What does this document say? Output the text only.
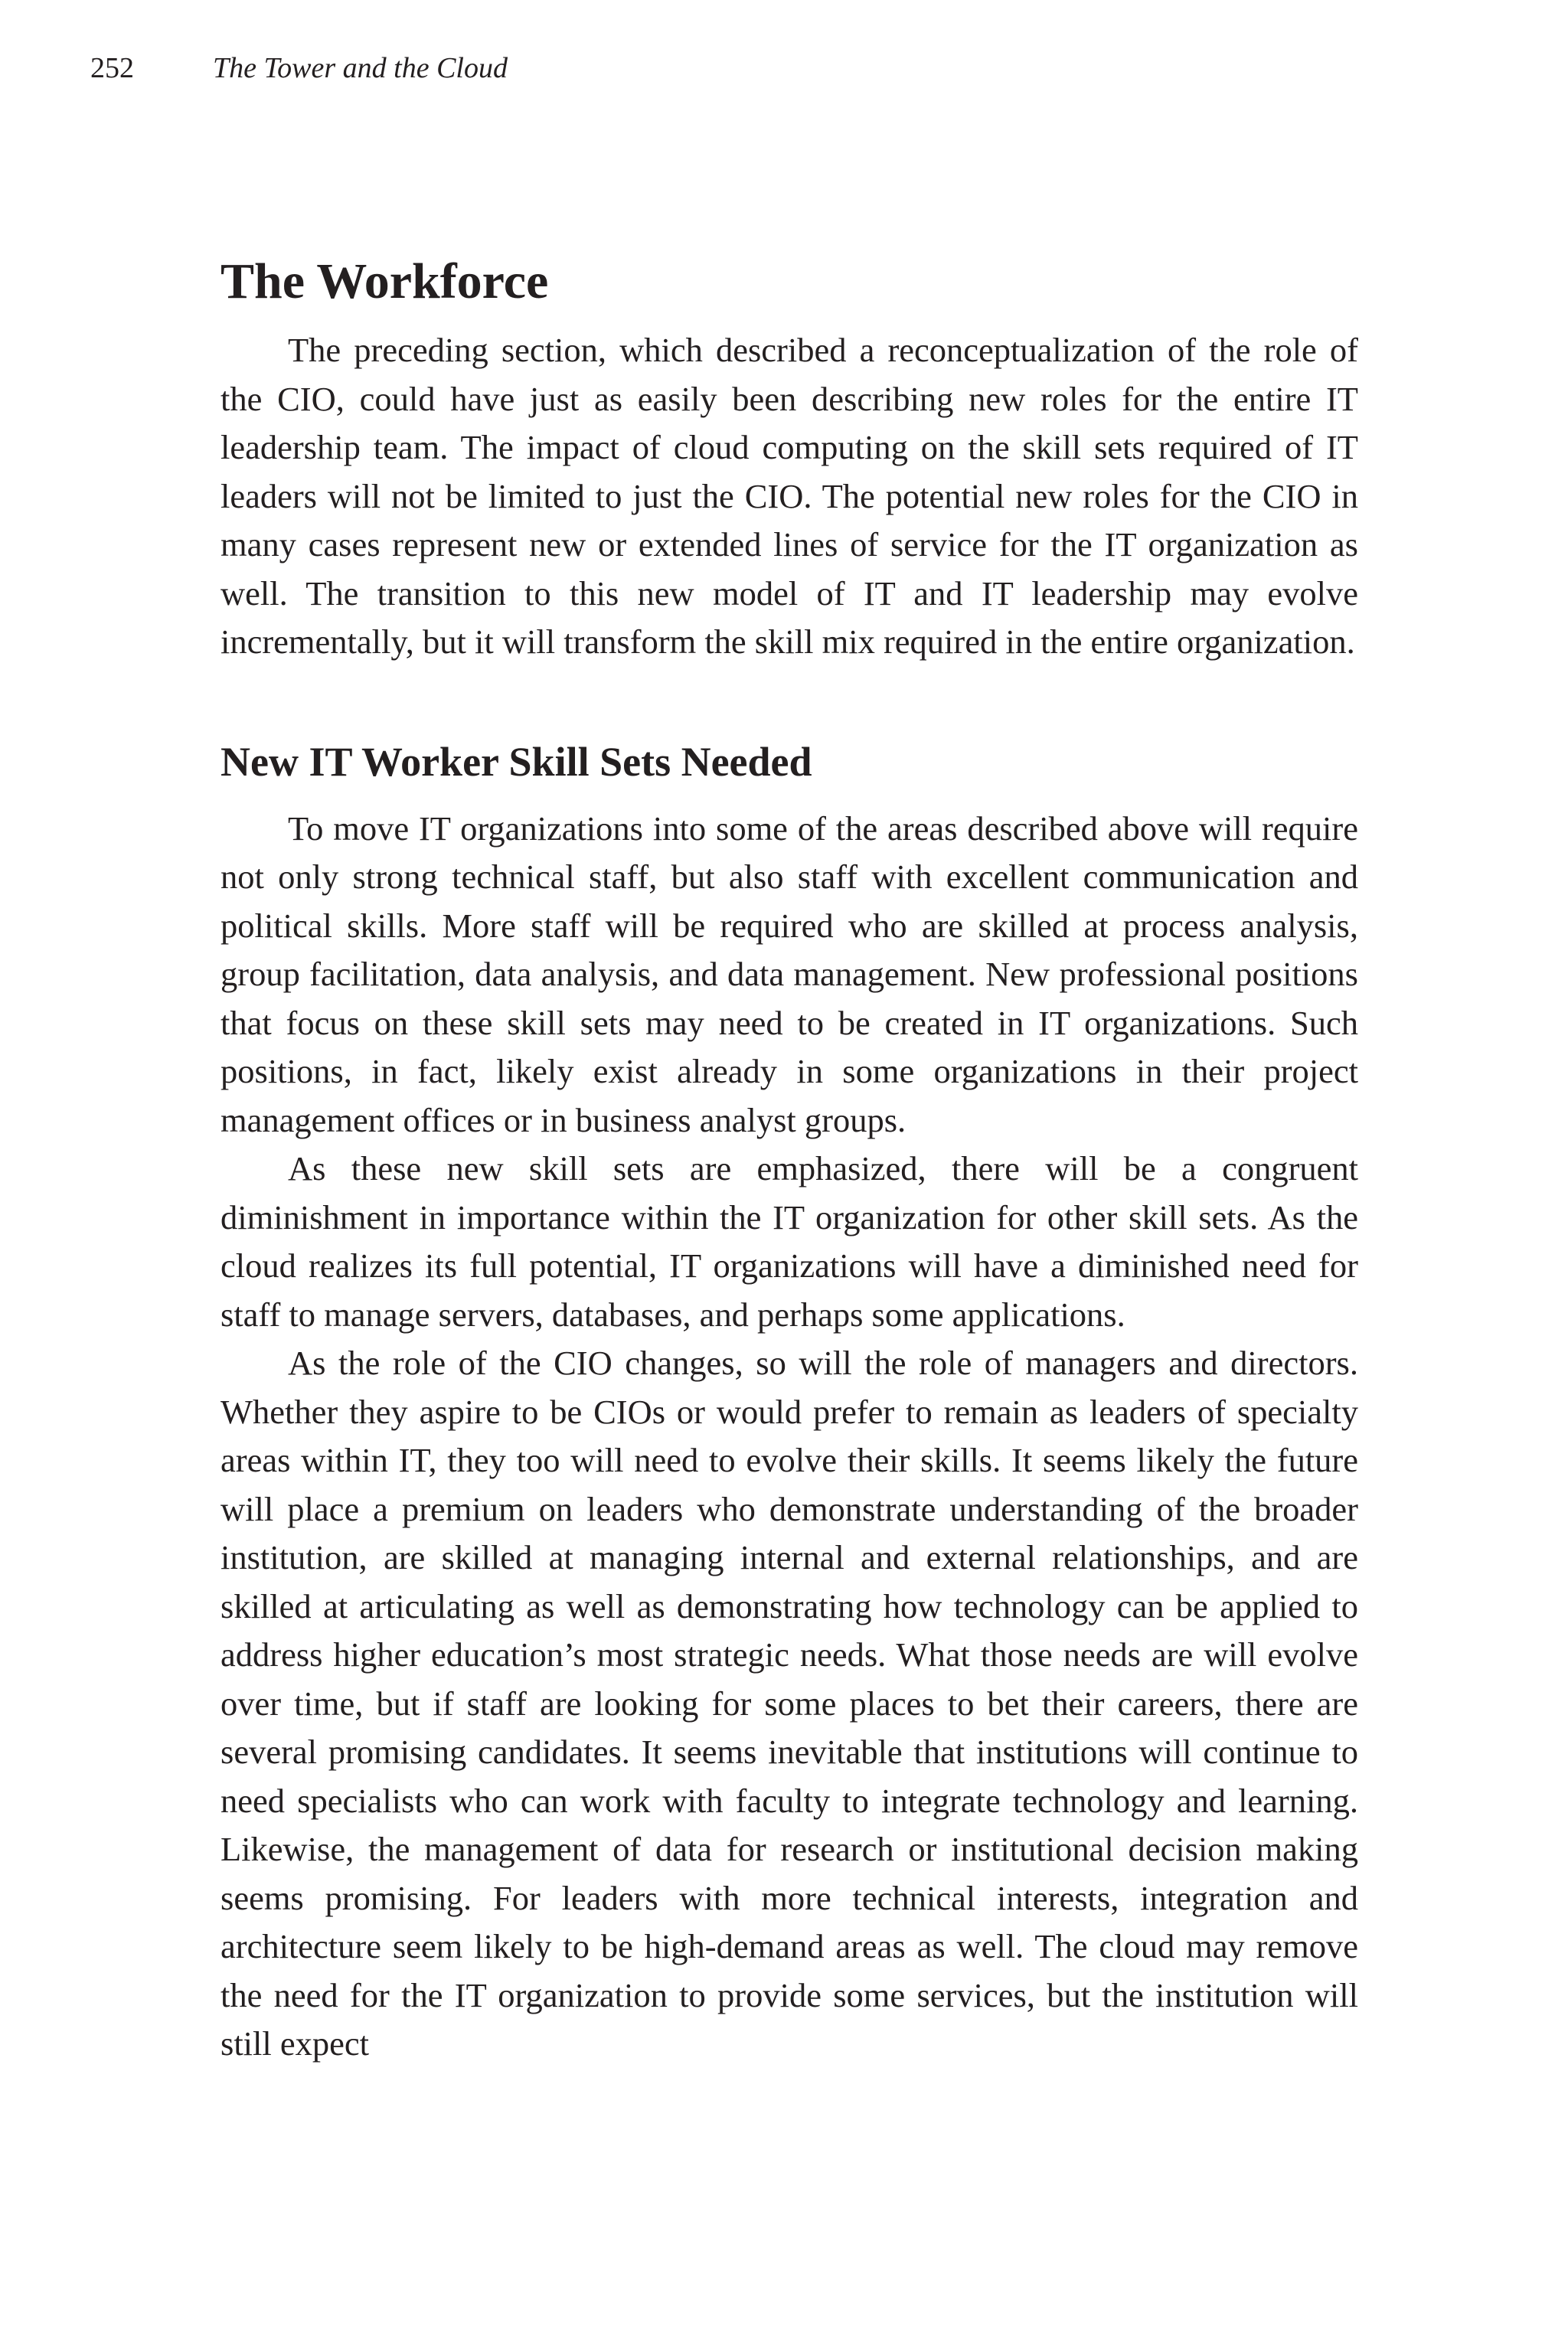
252	The Tower and the Cloud
The Workforce

The preceding section, which described a reconceptualization of the role of the CIO, could have just as easily been describing new roles for the entire IT leadership team. The impact of cloud computing on the skill sets required of IT leaders will not be limited to just the CIO. The potential new roles for the CIO in many cases represent new or extended lines of service for the IT organization as well. The transition to this new model of IT and IT leadership may evolve incrementally, but it will transform the skill mix required in the entire organization.

New IT Worker Skill Sets Needed

To move IT organizations into some of the areas described above will require not only strong technical staff, but also staff with excellent communication and political skills. More staff will be required who are skilled at process analysis, group facilitation, data analysis, and data management. New professional positions that focus on these skill sets may need to be created in IT organizations. Such positions, in fact, likely exist already in some organizations in their project management offices or in business analyst groups.

As these new skill sets are emphasized, there will be a congruent diminishment in importance within the IT organization for other skill sets. As the cloud realizes its full potential, IT organizations will have a diminished need for staff to manage servers, databases, and perhaps some applications.

As the role of the CIO changes, so will the role of managers and directors. Whether they aspire to be CIOs or would prefer to remain as leaders of specialty areas within IT, they too will need to evolve their skills. It seems likely the future will place a premium on leaders who demonstrate understanding of the broader institution, are skilled at managing internal and external relationships, and are skilled at articulating as well as demonstrating how technology can be applied to address higher education’s most strategic needs. What those needs are will evolve over time, but if staff are looking for some places to bet their careers, there are several promising candidates. It seems inevitable that institutions will continue to need specialists who can work with faculty to integrate technology and learning. Likewise, the management of data for research or institutional decision making seems promising. For leaders with more technical interests, integration and architecture seem likely to be high-demand areas as well. The cloud may remove the need for the IT organization to provide some services, but the institution will still expect
